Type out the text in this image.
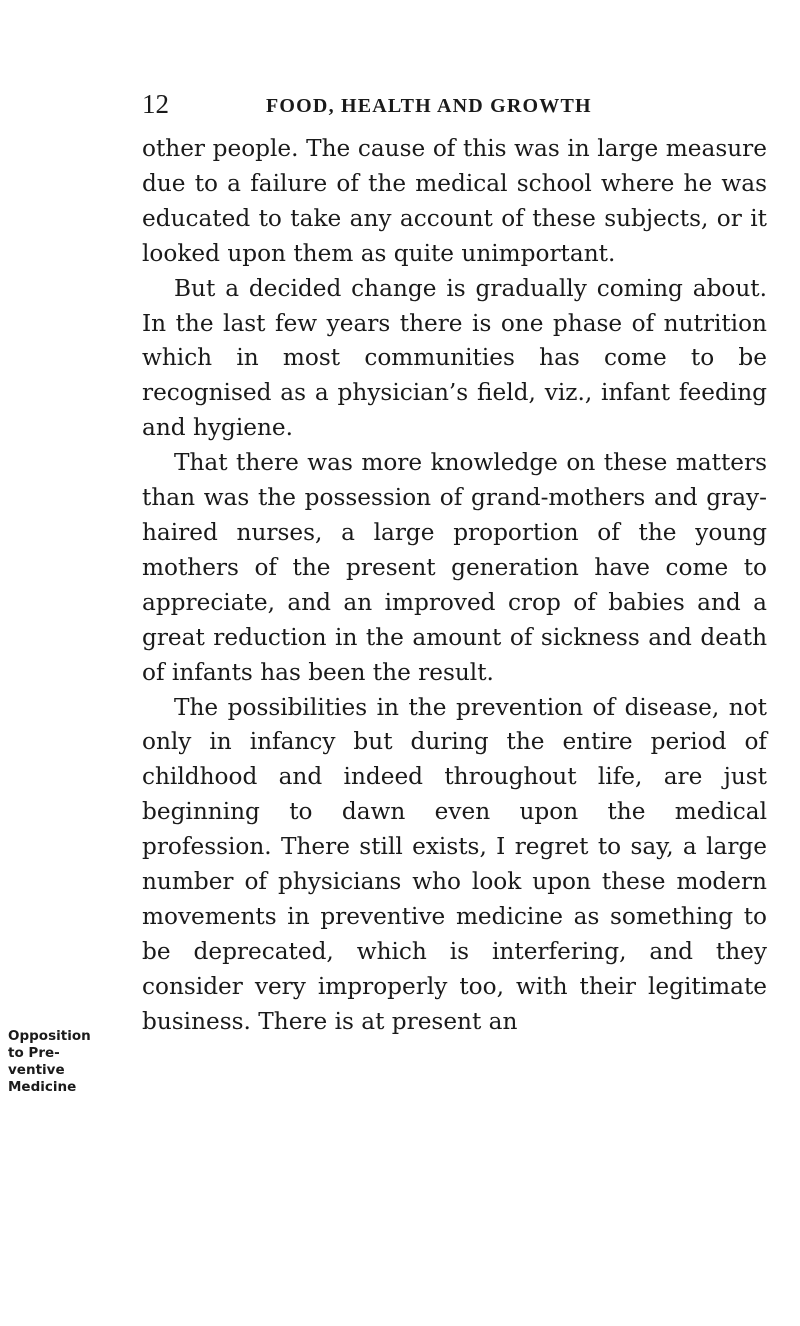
12	FOOD, HEALTH AND GROWTH

other people. The cause of this was in large measure due to a failure of the medical school where he was educated to take any account of these subjects, or it looked upon them as quite unimportant.

But a decided change is gradually coming about. In the last few years there is one phase of nutrition which in most communities has come to be recognised as a physician’s field, viz., infant feeding and hygiene.

That there was more knowledge on these matters than was the possession of grand-mothers and gray-haired nurses, a large proportion of the young mothers of the present generation have come to appreciate, and an improved crop of babies and a great reduction in the amount of sickness and death of infants has been the result.

The possibilities in the prevention of disease, not only in infancy but during the entire period of childhood and indeed throughout life, are just beginning to dawn even upon the medical profession. There still exists, I regret to say, a large number of physicians who look upon these modern movements in preventive medicine as something to be deprecated, which is interfering, and they consider very improperly too, with their legitimate business. There is at present an

Opposition
to Pre-
ventive
Medicine
